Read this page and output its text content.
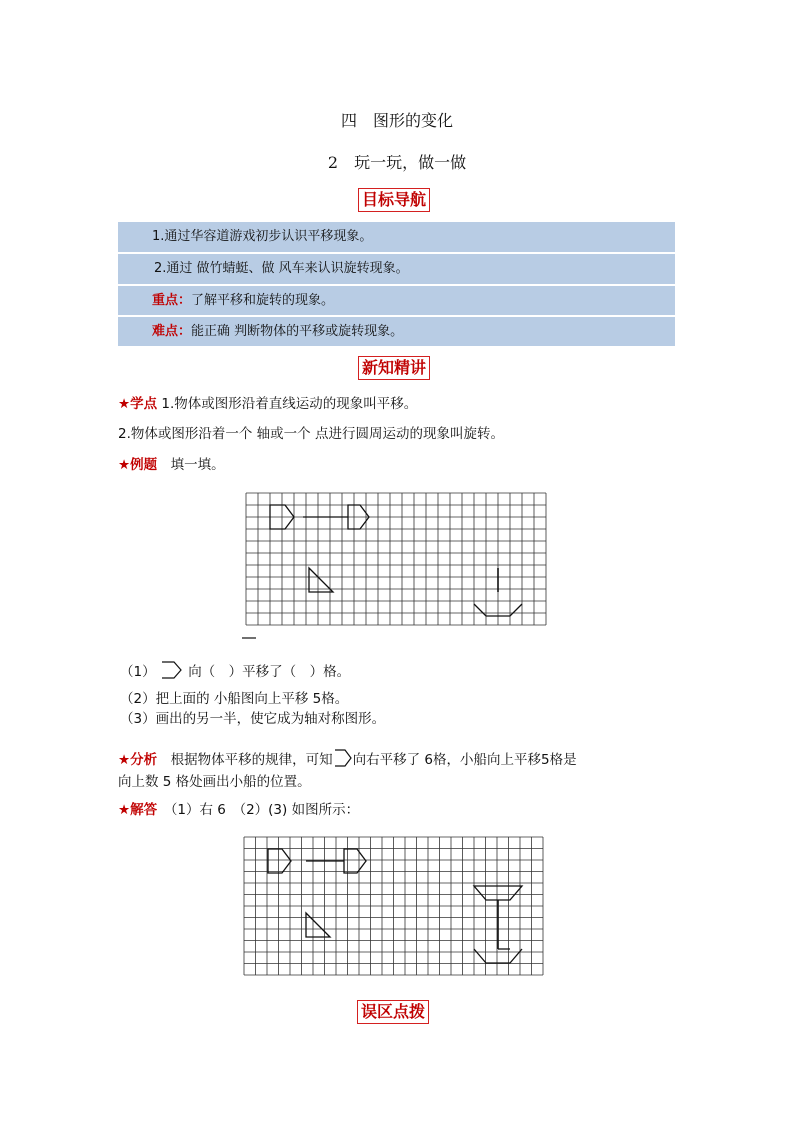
四　图形的变化
2　玩一玩，做一做
目标导航
1.通过华容道游戏初步认识平移现象。
2.通过 做竹蜻蜓、做 风车来认识旋转现象。
重点：了解平移和旋转的现象。
难点：能正确 判断物体的平移或旋转现象。
新知精讲
★学点 1.物体或图形沿着直线运动的现象叫平移。
2.物体或图形沿着一个 轴或一个 点进行圆周运动的现象叫旋转。
★例题　填一填。
（1）  向（　）平移了（　）格。
（2）把上面的 小船图向上平移 5格。
（3）画出的另一半，使它成为轴对称图形。
★分析　根据物体平移的规律，可知 向右平移了 6格，小船向上平移5格是
向上数 5 格处画出小船的位置。
★解答　（1）右 6　（2）(3) 如图所示：
误区点拨
